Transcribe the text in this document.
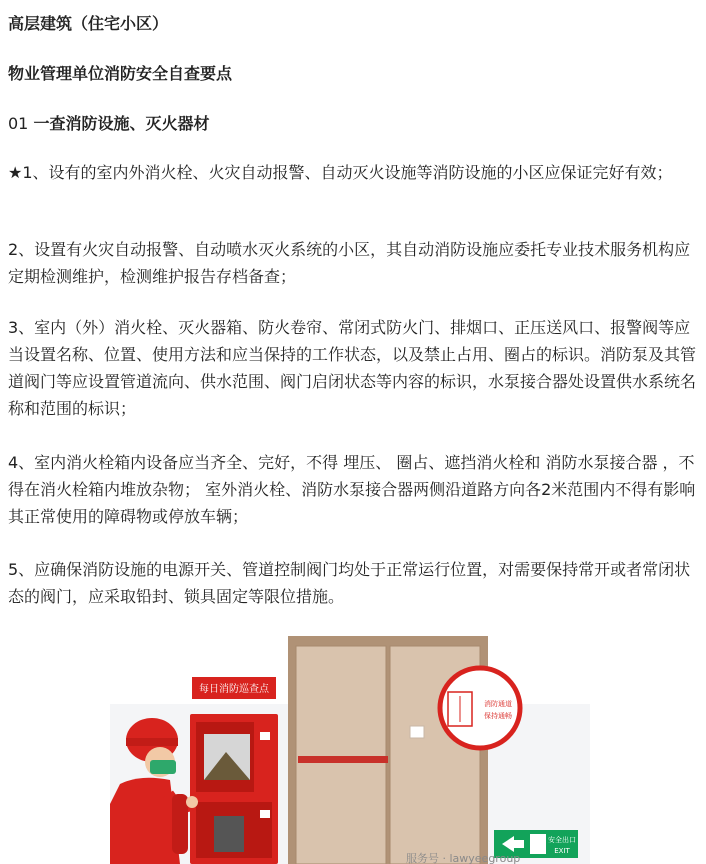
高层建筑（住宅小区）
物业管理单位消防安全自查要点
01 一查消防设施、灭火器材
★1、设有的室内外消火栓、火灾自动报警、自动灭火设施等消防设施的小区应保证完好有效；
2、设置有火灾自动报警、自动喷水灭火系统的小区，其自动消防设施应委托专业技术服务机构应定期检测维护，检测维护报告存档备查；
3、室内（外）消火栓、灭火器箱、防火卷帘、常闭式防火门、排烟口、正压送风口、报警阀等应当设置名称、位置、使用方法和应当保持的工作状态，以及禁止占用、圈占的标识。消防泵及其管道阀门等应设置管道流向、供水范围、阀门启闭状态等内容的标识，水泵接合器处设置供水系统名称和范围的标识；
4、室内消火栓箱内设备应当齐全、完好，不得 埋压、 圈占、遮挡消火栓和 消防水泵接合器 ，不得在消火栓箱内堆放杂物； 室外消火栓、消防水泵接合器两侧沿道路方向各2米范围内不得有影响其正常使用的障碍物或停放车辆；
5、应确保消防设施的电源开关、管道控制阀门均处于正常运行位置，对需要保持常开或者常闭状态的阀门，应采取铅封、锁具固定等限位措施。
每日消防巡查点
消防通道
保持通畅
安全出口
EXIT
服务号 · lawyeegroup
